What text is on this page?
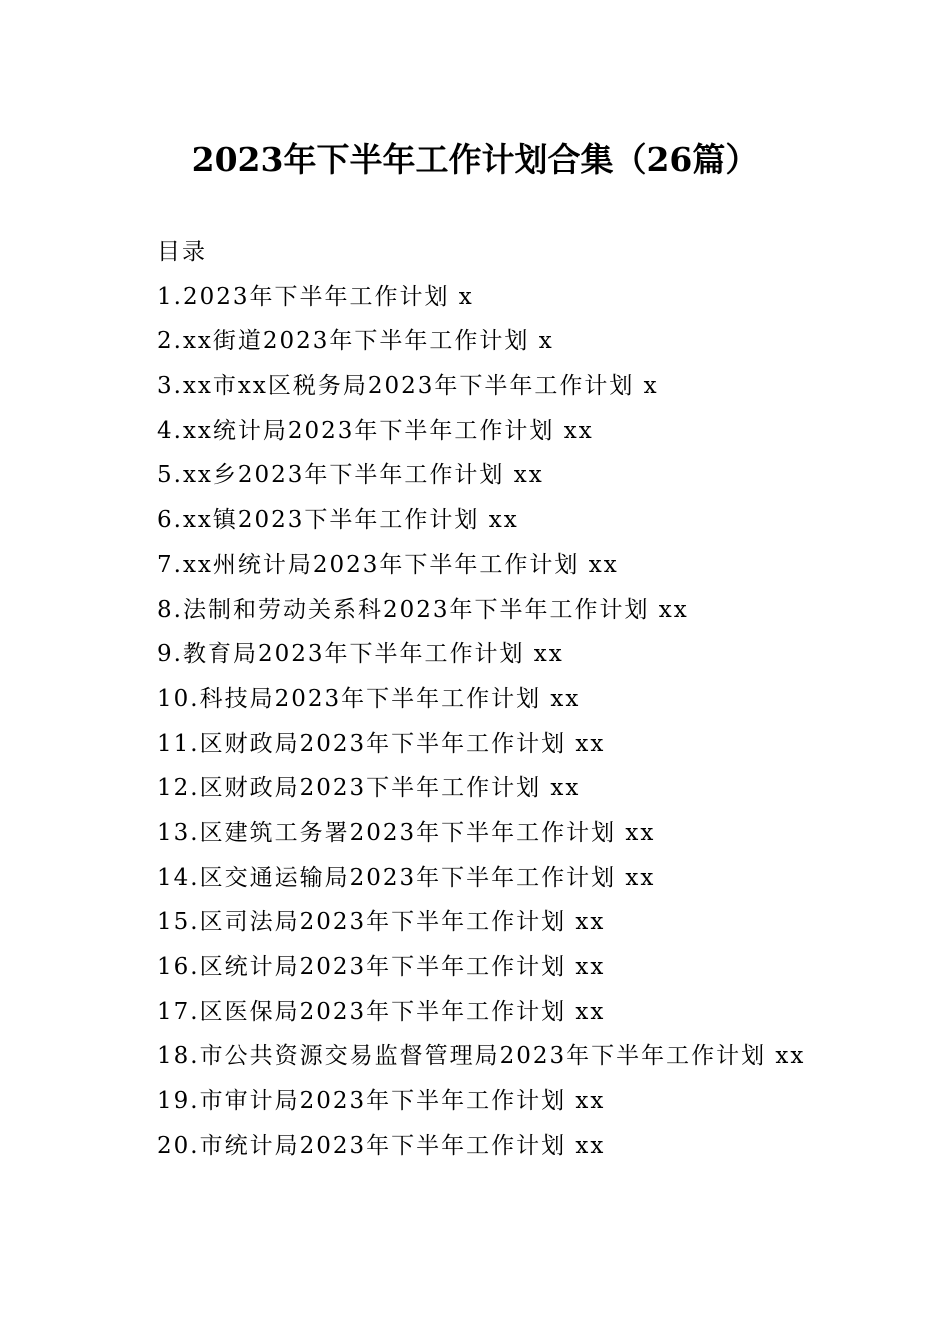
2023年下半年工作计划合集（26篇）
目录
1.2023年下半年工作计划 x
2.xx街道2023年下半年工作计划 x
3.xx市xx区税务局2023年下半年工作计划 x
4.xx统计局2023年下半年工作计划 xx
5.xx乡2023年下半年工作计划 xx
6.xx镇2023下半年工作计划 xx
7.xx州统计局2023年下半年工作计划 xx
8.法制和劳动关系科2023年下半年工作计划 xx
9.教育局2023年下半年工作计划 xx
10.科技局2023年下半年工作计划 xx
11.区财政局2023年下半年工作计划 xx
12.区财政局2023下半年工作计划 xx
13.区建筑工务署2023年下半年工作计划 xx
14.区交通运输局2023年下半年工作计划 xx
15.区司法局2023年下半年工作计划 xx
16.区统计局2023年下半年工作计划 xx
17.区医保局2023年下半年工作计划 xx
18.市公共资源交易监督管理局2023年下半年工作计划 xx
19.市审计局2023年下半年工作计划 xx
20.市统计局2023年下半年工作计划 xx
